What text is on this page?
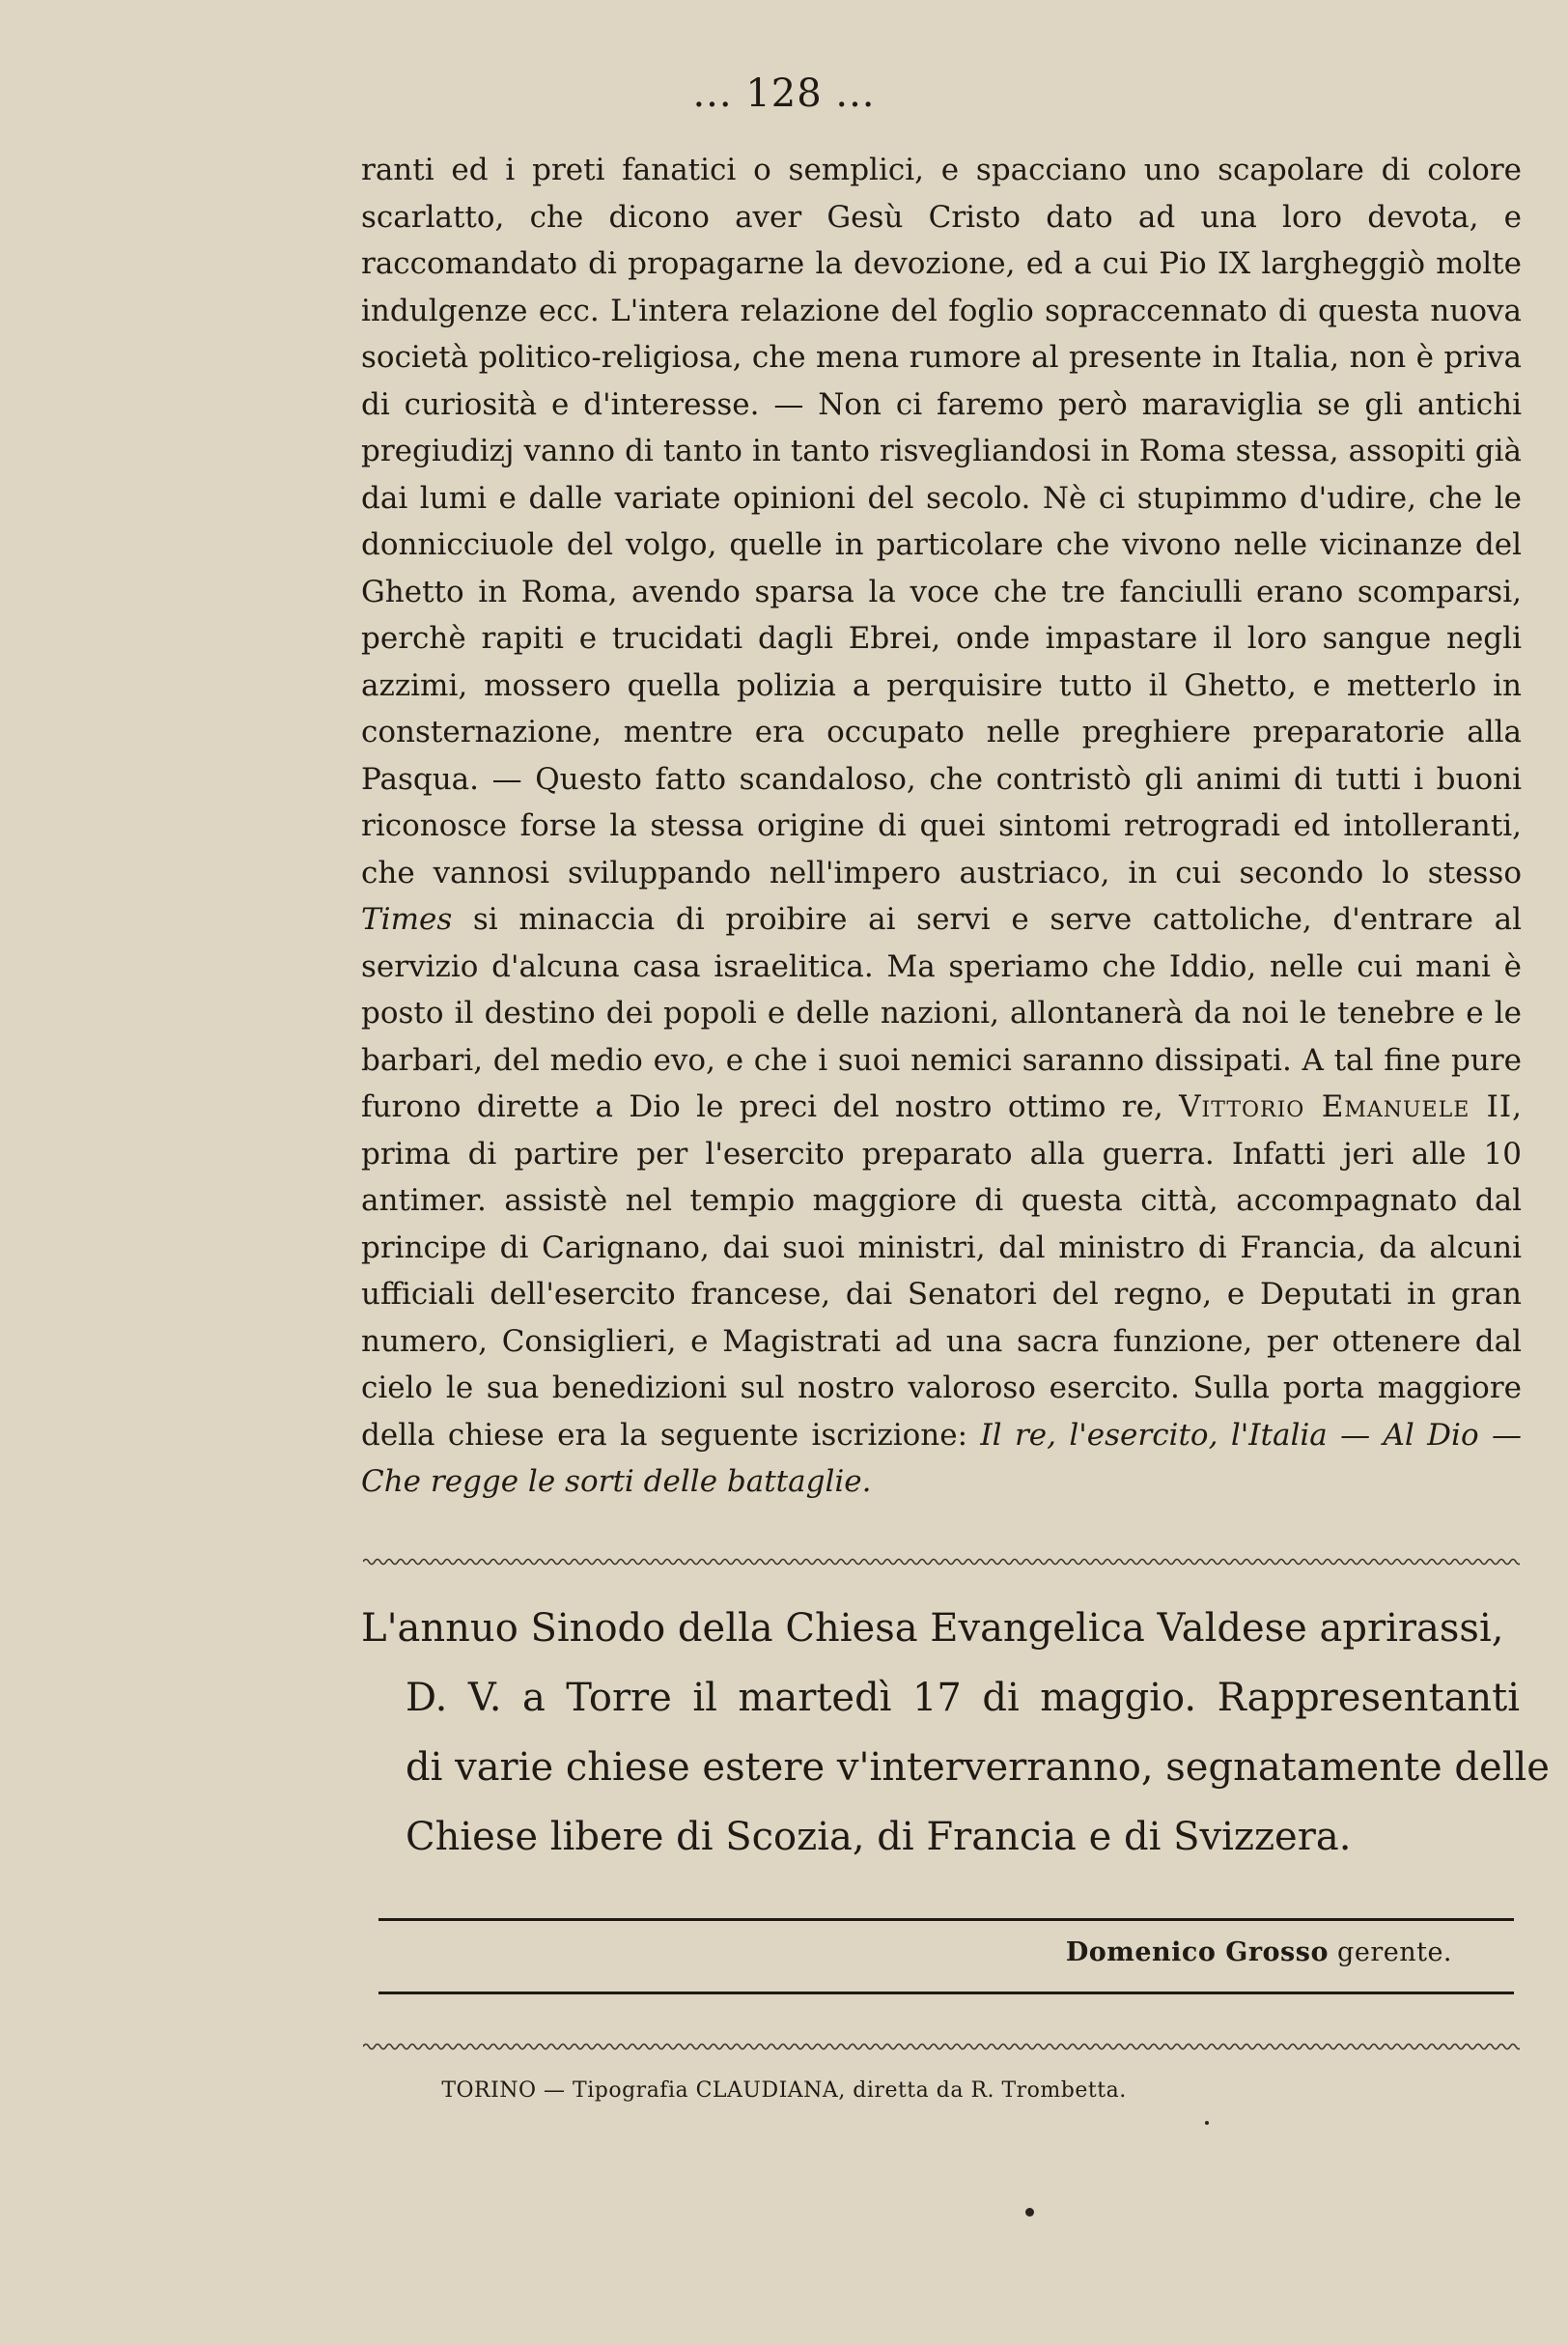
... 128 ...

ranti ed i preti fanatici o semplici, e spacciano uno scapolare di colore scarlatto, che dicono aver Gesù Cristo dato ad una loro devota, e raccomandato di propagarne la devozione, ed a cui Pio IX largheggiò molte indulgenze ecc. L'intera relazione del foglio sopraccennato di questa nuova società politico-religiosa, che mena rumore al presente in Italia, non è priva di curiosità e d'interesse. — Non ci faremo però maraviglia se gli antichi pregiudizj vanno di tanto in tanto risvegliandosi in Roma stessa, assopiti già dai lumi e dalle variate opinioni del secolo. Nè ci stupimmo d'udire, che le donnicciuole del volgo, quelle in particolare che vivono nelle vicinanze del Ghetto in Roma, avendo sparsa la voce che tre fanciulli erano scomparsi, perchè rapiti e trucidati dagli Ebrei, onde impastare il loro sangue negli azzimi, mossero quella polizia a perquisire tutto il Ghetto, e metterlo in consternazione, mentre era occupato nelle preghiere preparatorie alla Pasqua. — Questo fatto scandaloso, che contristò gli animi di tutti i buoni riconosce forse la stessa origine di quei sintomi retrogradi ed intolleranti, che vannosi sviluppando nell'impero austriaco, in cui secondo lo stesso Times si minaccia di proibire ai servi e serve cattoliche, d'entrare al servizio d'alcuna casa israelitica. Ma speriamo che Iddio, nelle cui mani è posto il destino dei popoli e delle nazioni, allontanerà da noi le tenebre e le barbari, del medio evo, e che i suoi nemici saranno dissipati. A tal fine pure furono dirette a Dio le preci del nostro ottimo re, Vittorio Emanuele II, prima di partire per l'esercito preparato alla guerra. Infatti jeri alle 10 antimer. assistè nel tempio maggiore di questa città, accompagnato dal principe di Carignano, dai suoi ministri, dal ministro di Francia, da alcuni ufficiali dell'esercito francese, dai Senatori del regno, e Deputati in gran numero, Consiglieri, e Magistrati ad una sacra funzione, per ottenere dal cielo le sua benedizioni sul nostro valoroso esercito. Sulla porta maggiore della chiese era la seguente iscrizione: Il re, l'esercito, l'Italia — Al Dio — Che regge le sorti delle battaglie.

L'annuo Sinodo della Chiesa Evangelica Valdese aprirassi,
D. V. a Torre il martedì 17 di maggio. Rappresentanti
di varie chiese estere v'interverranno, segnatamente delle
Chiese libere di Scozia, di Francia e di Svizzera.
Domenico Grosso gerente.
TORINO — Tipografia CLAUDIANA, diretta da R. Trombetta.
